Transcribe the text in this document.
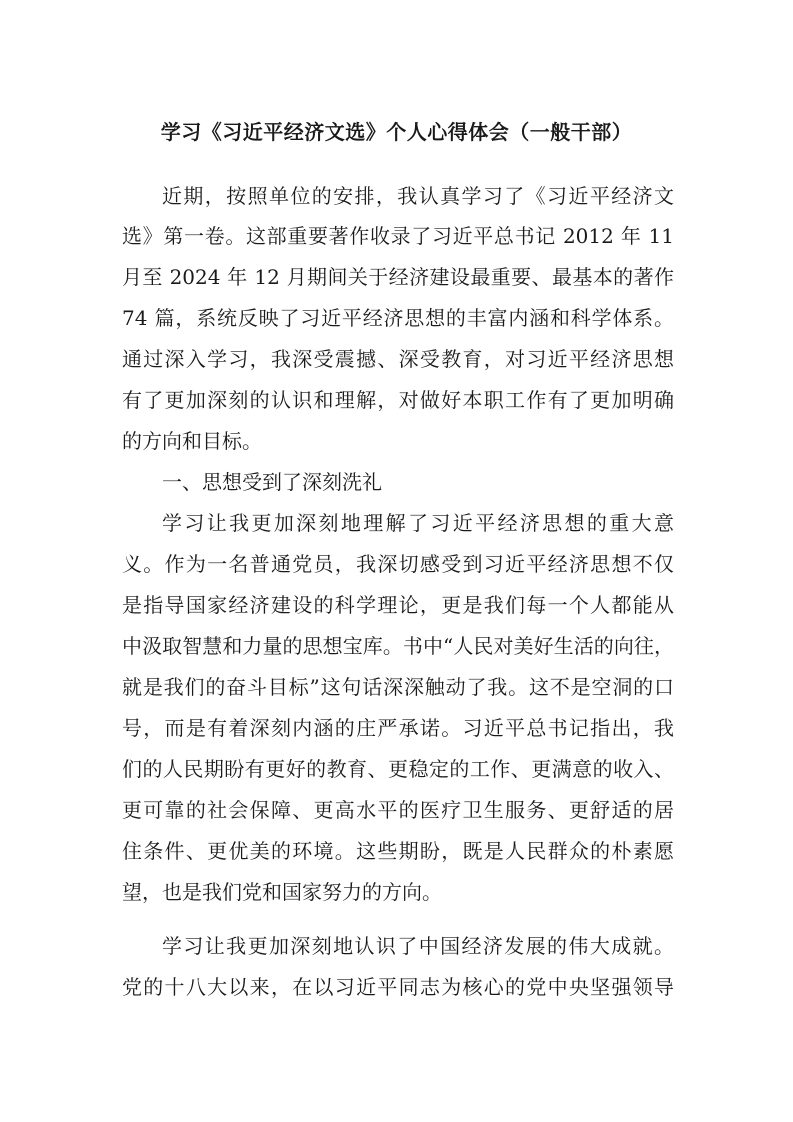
学习《习近平经济文选》个人心得体会（一般干部）
近期，按照单位的安排，我认真学习了《习近平经济文
选》第一卷。这部重要著作收录了习近平总书记 2012 年 11
月至 2024 年 12 月期间关于经济建设最重要、最基本的著作
74 篇，系统反映了习近平经济思想的丰富内涵和科学体系。
通过深入学习，我深受震撼、深受教育，对习近平经济思想
有了更加深刻的认识和理解，对做好本职工作有了更加明确
的方向和目标。
一、思想受到了深刻洗礼
学习让我更加深刻地理解了习近平经济思想的重大意
义。作为一名普通党员，我深切感受到习近平经济思想不仅
是指导国家经济建设的科学理论，更是我们每一个人都能从
中汲取智慧和力量的思想宝库。书中“人民对美好生活的向往，
就是我们的奋斗目标”这句话深深触动了我。这不是空洞的口
号，而是有着深刻内涵的庄严承诺。习近平总书记指出，我
们的人民期盼有更好的教育、更稳定的工作、更满意的收入、
更可靠的社会保障、更高水平的医疗卫生服务、更舒适的居
住条件、更优美的环境。这些期盼，既是人民群众的朴素愿
望，也是我们党和国家努力的方向。
学习让我更加深刻地认识了中国经济发展的伟大成就。
党的十八大以来，在以习近平同志为核心的党中央坚强领导
